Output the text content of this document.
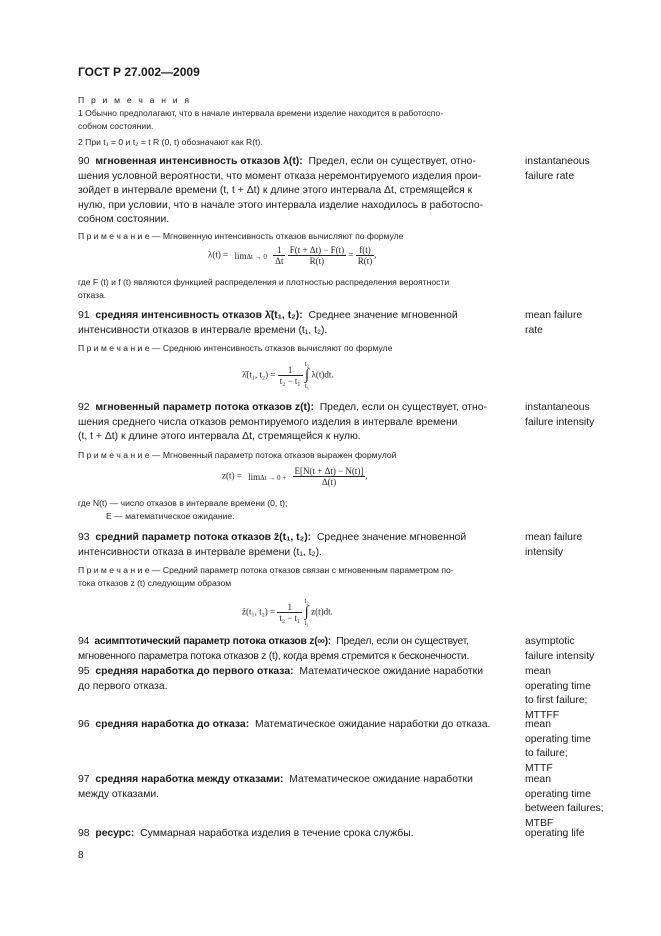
ГОСТ Р 27.002—2009
П р и м е ч а н и я
1 Обычно предполагают, что в начале интервала времени изделие находится в работоспо-
собном состоянии.
2 При t₁ = 0 и t₂ = t R (0, t) обозначают как R(t).
90 мгновенная интенсивность отказов λ(t): Предел, если он существует, отно-
шения условной вероятности, что момент отказа неремонтируемого изделия прои-
зойдет в интервале времени (t, t + Δt) к длине этого интервала Δt, стремящейся к
нулю, при условии, что в начале этого интервала изделие находилось в работоспо-
собном состоянии.
instantaneous
failure rate
П р и м е ч а н и е — Мгновенную интенсивность отказов вычисляют по формуле
$\lambda(t) = \lim\Delta t \to 0 \frac{1}{\Delta t}$
$\frac{F(t + \Delta t) - F(t)}{R(t)} = \frac{f(t)}{R(t)}$ ,
где F (t) и f (t) являются функцией распределения и плотностью распределения вероятности
отказа.
91 средняя интенсивность отказов λ̄(t₁, t₂): Среднее значение мгновенной
интенсивности отказов в интервале времени (t₁, t₂).
mean failure
rate
П р и м е ч а н и е — Среднюю интенсивность отказов вычисляют по формуле
λ̄(t₁, $t_2) = \frac{1}{\text{t₂ − t₁}}$
t₂
∫
t₁ λ(t)dt.
92 мгновенный параметр потока отказов z(t): Предел, если он существует, отно-
шения среднего числа отказов ремонтируемого изделия в интервале времени
(t, t + Δt) к длине этого интервала Δt, стремящейся к нулю.
instantaneous
failure intensity
П р и м е ч а н и е — Мгновенный параметр потока отказов выражен формулой
$z(t) = \lim\Delta t \to 0 + \frac{E[N(t + \Delta t) - N(t)]}{\Delta(t)}$ ,
где N(t) — число отказов в интервале времени (0, t);
E — математическое ожидание.
93 средний параметр потока отказов z̄(t₁, t₂): Среднее значение мгновенной
интенсивности отказа в интервале времени (t₁, t₂).
mean failure
intensity
П р и м е ч а н и е — Средний параметр потока отказов связан с мгновенным параметром по-
тока отказов z (t) следующим образом
z̄(t₁, $t_2) = \frac{1}{\text{t₂ − t₁}}$
t₂
∫
t₁ z(t)dt.
94 асимптотический параметр потока отказов z(∞): Предел, если он существует,
мгновенного параметра потока отказов z (t), когда время стремится к бесконечности.
asymptotic
failure intensity
95 средняя наработка до первого отказа: Математическое ожидание наработки
до первого отказа.
mean
operating time
to first failure;
MTTFF
96 средняя наработка до отказа: Математическое ожидание наработки до отказа.	mean
operating time
to failure;
MTTF
97 средняя наработка между отказами: Математическое ожидание наработки
между отказами.
mean
operating time
between failures;
MTBF
98 ресурс: Суммарная наработка изделия в течение срока службы.	operating life
8
